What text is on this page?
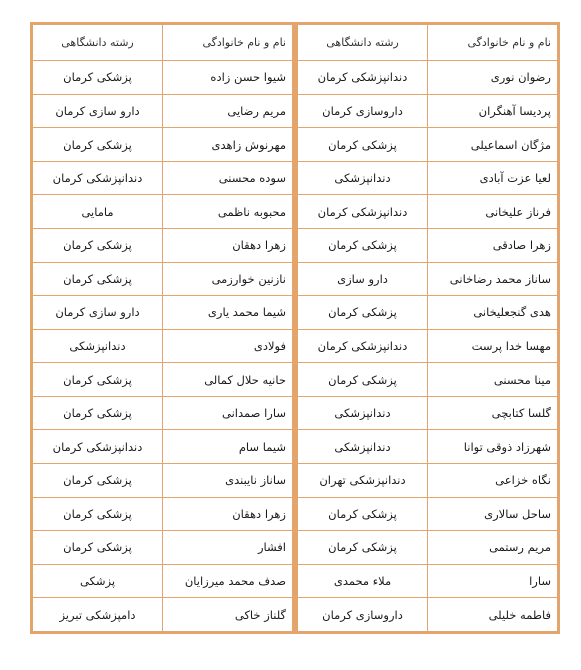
نام و نام خانوادگی	رشته دانشگاهی
رضوان نوری	دندانپزشکی کرمان
پردیسا آهنگران	داروسازی کرمان
مژگان اسماعیلی	پزشکی کرمان
لعیا عزت آبادی	دندانپزشکی
فرناز علیخانی	دندانپزشکی کرمان
زهرا صادقی	پزشکی کرمان
ساناز محمد رضاخانی	دارو سازی
هدی گنجعلیخانی	پزشکی کرمان
مهسا خدا پرست	دندانپزشکی کرمان
مینا محسنی	پزشکی کرمان
گلسا کتابچی	دندانپزشکی
شهرزاد ذوقی توانا	دندانپزشکی
نگاه خزاعی	دندانپزشکی تهران
ساحل سالاری	پزشکی کرمان
مریم رستمی	پزشکی کرمان
سارا	ملاء محمدی
فاطمه خلیلی	داروسازی کرمان
نام و نام خانوادگی	رشته دانشگاهی
شیوا حسن زاده	پزشکی کرمان
مریم رضایی	دارو سازی کرمان
مهرنوش زاهدی	پزشکی کرمان
سوده محسنی	دندانپزشکی کرمان
محبوبه ناظمی	مامایی
زهرا دهقان	پزشکی کرمان
نازنین خوارزمی	پزشکی کرمان
شیما محمد یاری	دارو سازی کرمان
فولادی	دندانپزشکی
حانیه حلال کمالی	پزشکی کرمان
سارا صمدانی	پزشکی کرمان
شیما سام	دندانپزشکی کرمان
ساناز نایبندی	پزشکی کرمان
زهرا دهقان	پزشکی کرمان
افشار	پزشکی کرمان
صدف محمد میرزایان	پزشکی
گلناز خاکی	دامپزشکی تبریز
